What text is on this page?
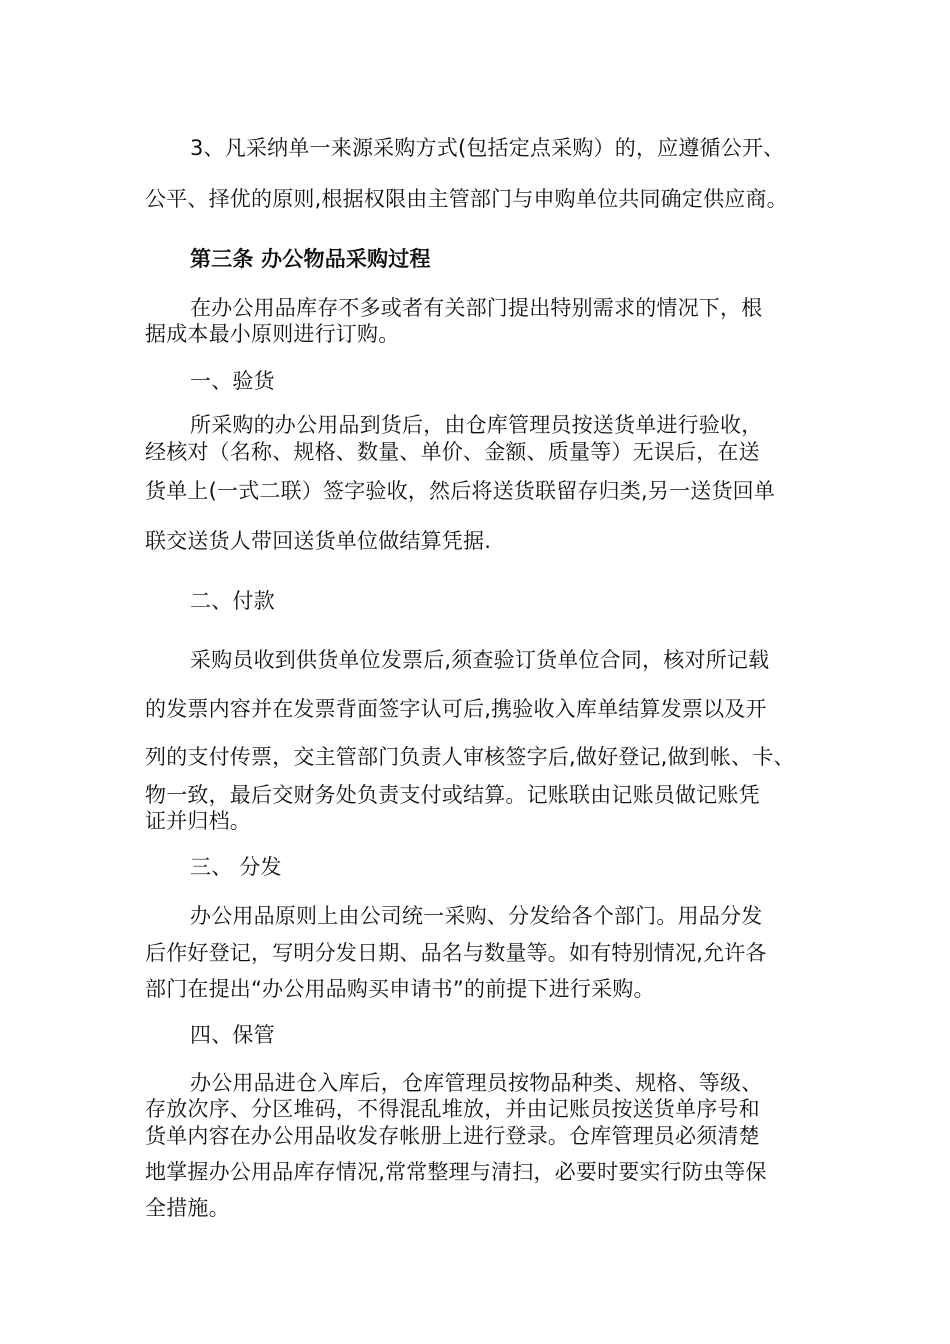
3、凡采纳单一来源采购方式(包括定点采购）的，应遵循公开、
公平、择优的原则,根据权限由主管部门与申购单位共同确定供应商。
第三条 办公物品采购过程
在办公用品库存不多或者有关部门提出特别需求的情况下，根
据成本最小原则进行订购。
一、验货
所采购的办公用品到货后，由仓库管理员按送货单进行验收，
经核对（名称、规格、数量、单价、金额、质量等）无误后，在送
货单上(一式二联）签字验收，然后将送货联留存归类,另一送货回单
联交送货人带回送货单位做结算凭据.
二、付款
采购员收到供货单位发票后,须查验订货单位合同，核对所记载
的发票内容并在发票背面签字认可后,携验收入库单结算发票以及开
列的支付传票，交主管部门负责人审核签字后,做好登记,做到帐、卡、
物一致，最后交财务处负责支付或结算。记账联由记账员做记账凭
证并归档。
三、 分发
办公用品原则上由公司统一采购、分发给各个部门。用品分发
后作好登记，写明分发日期、品名与数量等。如有特别情况,允许各
部门在提出“办公用品购买申请书”的前提下进行采购。
四、保管
办公用品进仓入库后，仓库管理员按物品种类、规格、等级、
存放次序、分区堆码，不得混乱堆放，并由记账员按送货单序号和
货单内容在办公用品收发存帐册上进行登录。仓库管理员必须清楚
地掌握办公用品库存情况,常常整理与清扫，必要时要实行防虫等保
全措施。
